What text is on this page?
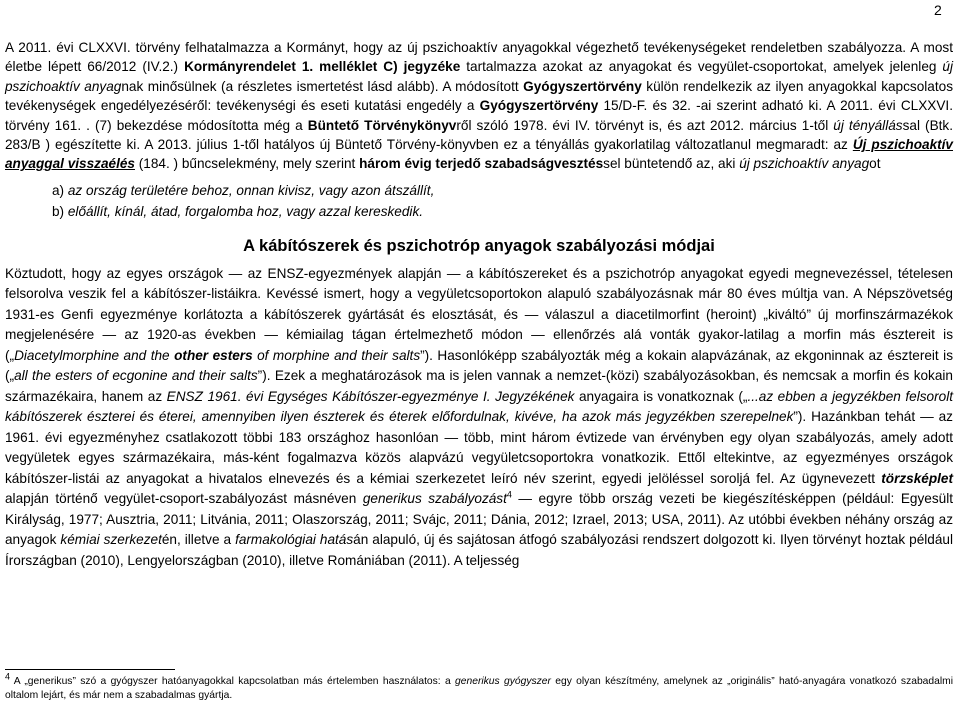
2

A 2011. évi CLXXVI. törvény felhatalmazza a Kormányt, hogy az új pszichoaktív anyagokkal végezhető tevékenységeket rendeletben szabályozza. A most életbe lépett 66/2012 (IV.2.) Kormányrendelet 1. melléklet C) jegyzéke tartalmazza azokat az anyagokat és vegyület-csoportokat, amelyek jelenleg új pszichoaktív anyagnak minősülnek (a részletes ismertetést lásd alább). A módosított Gyógyszertörvény külön rendelkezik az ilyen anyagokkal kapcsolatos tevékenységek engedélyezéséről: tevékenységi és eseti kutatási engedély a Gyógyszertörvény 15/D-F. és 32. -ai szerint adható ki. A 2011. évi CLXXVI. törvény 161. . (7) bekezdése módosította még a Büntető Törvénykönyvről szóló 1978. évi IV. törvényt is, és azt 2012. március 1-től új tényállással (Btk. 283/B ) egészítette ki. A 2013. július 1-től hatályos új Büntető Törvény-könyvben ez a tényállás gyakorlatilag változatlanul megmaradt: az Új pszichoaktív anyaggal visszaélés (184. ) bűncselekmény, mely szerint három évig terjedő szabadságvesztéssel büntetendő az, aki új pszichoaktív anyagot

a) az ország területére behoz, onnan kivisz, vagy azon átszállít,

b) előállít, kínál, átad, forgalomba hoz, vagy azzal kereskedik.

A kábítószerek és pszichotróp anyagok szabályozási módjai

Köztudott, hogy az egyes országok — az ENSZ-egyezmények alapján — a kábítószereket és a pszichotróp anyagokat egyedi megnevezéssel, tételesen felsorolva veszik fel a kábítószer-listáikra. Kevéssé ismert, hogy a vegyületcsoportokon alapuló szabályozásnak már 80 éves múltja van. A Népszövetség 1931-es Genfi egyezménye korlátozta a kábítószerek gyártását és elosztását, és — válaszul a diacetilmorfint (heroint) „kiváltó” új morfinszármazékok megjelenésére — az 1920-as években — kémiailag tágan értelmezhető módon — ellenőrzés alá vonták gyakor-latilag a morfin más észtereit is („Diacetylmorphine and the other esters of morphine and their salts”). Hasonlóképp szabályozták még a kokain alapvázának, az ekgoninnak az észtereit is („all the esters of ecgonine and their salts”). Ezek a meghatározások ma is jelen vannak a nemzet-(közi) szabályozásokban, és nemcsak a morfin és kokain származékaira, hanem az ENSZ 1961. évi Egységes Kábítószer-egyezménye I. Jegyzékének anyagaira is vonatkoznak („...az ebben a jegyzékben felsorolt kábítószerek észterei és éterei, amennyiben ilyen észterek és éterek előfordulnak, kivéve, ha azok más jegyzékben szerepelnek”). Hazánkban tehát — az 1961. évi egyezményhez csatlakozott többi 183 országhoz hasonlóan — több, mint három évtizede van érvényben egy olyan szabályozás, amely adott vegyületek egyes származékaira, más-ként fogalmazva közös alapvázú vegyületcsoportokra vonatkozik. Ettől eltekintve, az egyezményes országok kábítószer-listái az anyagokat a hivatalos elnevezés és a kémiai szerkezetet leíró név szerint, egyedi jelöléssel soroljá fel. Az ügynevezett törzsképlet alapján történő vegyület-csoport-szabályozást másnéven generikus szabályozást$^4$ — egyre több ország vezeti be kiegészítésképpen (például: Egyesült Királyság, 1977; Ausztria, 2011; Litvánia, 2011; Olaszország, 2011; Svájc, 2011; Dánia, 2012; Izrael, 2013; USA, 2011). Az utóbbi években néhány ország az anyagok kémiai szerkezetén, illetve a farmakológiai hatásán alapuló, új és sajátosan átfogó szabályozási rendszert dolgozott ki. Ilyen törvényt hoztak például Írországban (2010), Lengyelországban (2010), illetve Romániában (2011). A teljesség

$^4$ A „generikus” szó a gyógyszer hatóanyagokkal kapcsolatban más értelemben használatos: a generikus gyógyszer egy olyan készítmény, amelynek az „originális” ható-anyagára vonatkozó szabadalmi oltalom lejárt, és már nem a szabadalmas gyártja.
